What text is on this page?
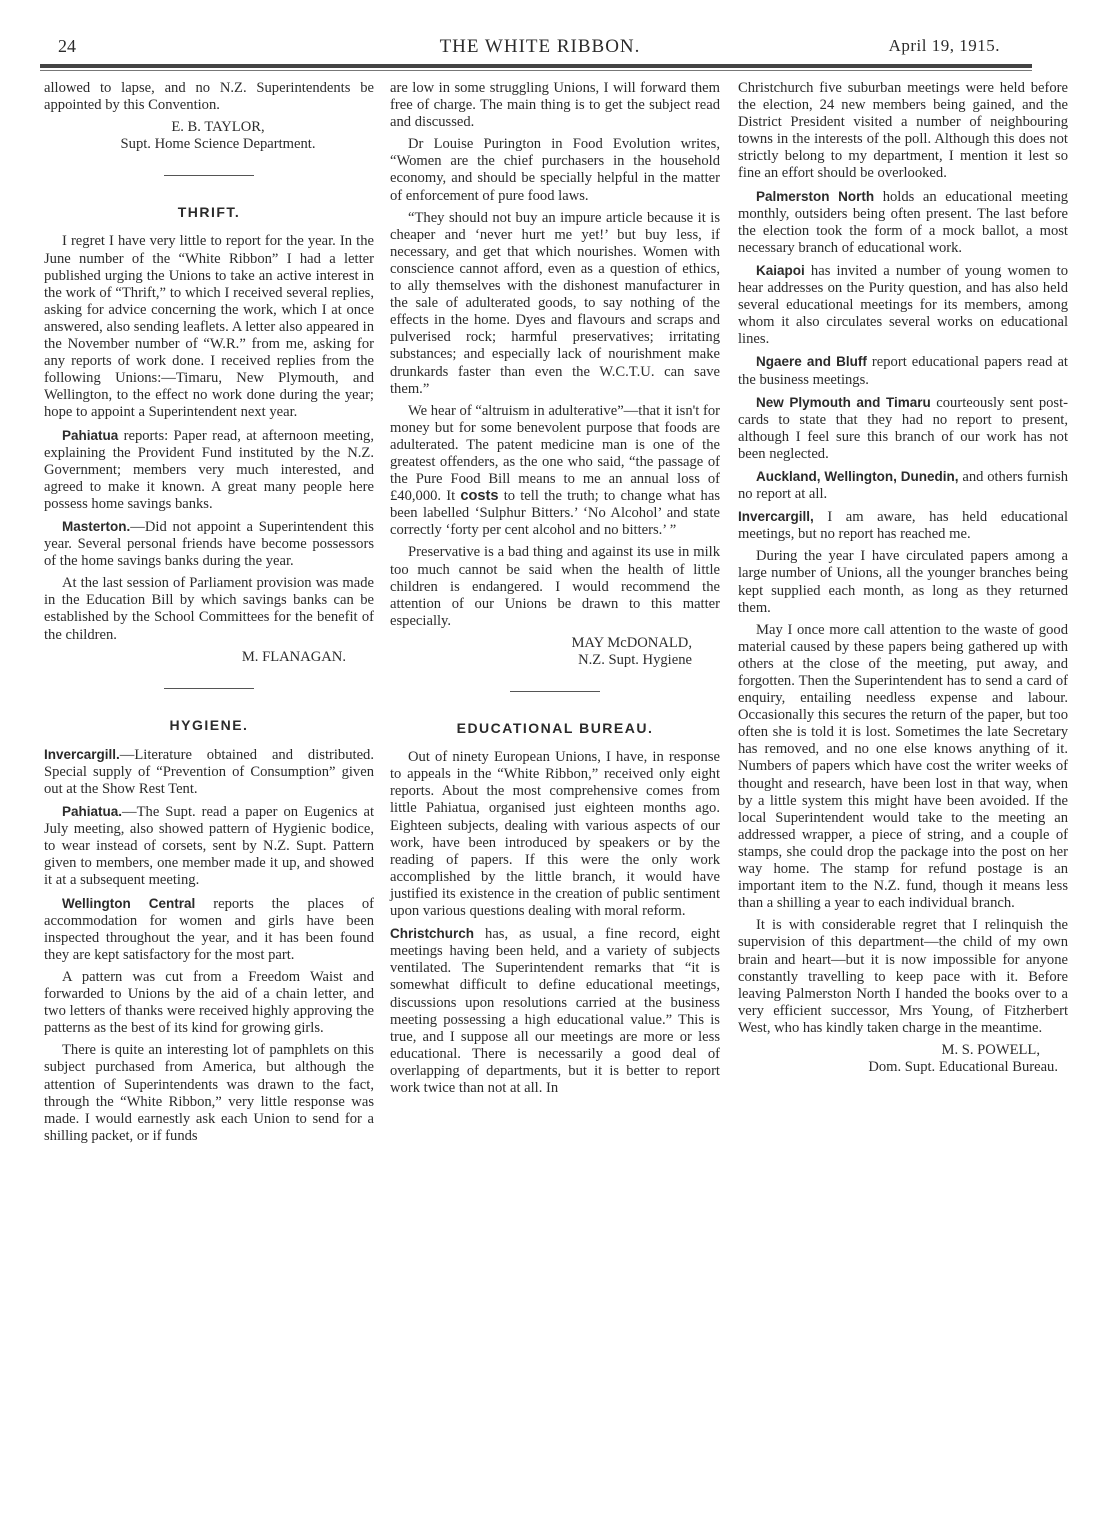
24	THE WHITE RIBBON.	April 19, 1915.

allowed to lapse, and no N.Z. Superintendents be appointed by this Convention.

E. B. TAYLOR,

Supt. Home Science Department.

THRIFT.

I regret I have very little to report for the year. In the June number of the “White Ribbon” I had a letter published urging the Unions to take an active interest in the work of “Thrift,” to which I received several replies, asking for advice concerning the work, which I at once answered, also sending leaflets. A letter also appeared in the November number of “W.R.” from me, asking for any reports of work done. I received replies from the following Unions:—Timaru, New Plymouth, and Wellington, to the effect no work done during the year; hope to appoint a Superintendent next year.

Pahiatua reports: Paper read, at afternoon meeting, explaining the Provident Fund instituted by the N.Z. Government; members very much interested, and agreed to make it known. A great many people here possess home savings banks.

Masterton.—Did not appoint a Superintendent this year. Several personal friends have become possessors of the home savings banks during the year.

At the last session of Parliament provision was made in the Education Bill by which savings banks can be established by the School Committees for the benefit of the children.

M. FLANAGAN.

HYGIENE.

Invercargill.—Literature obtained and distributed. Special supply of “Prevention of Consumption” given out at the Show Rest Tent.

Pahiatua.—The Supt. read a paper on Eugenics at July meeting, also showed pattern of Hygienic bodice, to wear instead of corsets, sent by N.Z. Supt. Pattern given to members, one member made it up, and showed it at a subsequent meeting.

Wellington Central reports the places of accommodation for women and girls have been inspected throughout the year, and it has been found they are kept satisfactory for the most part.

A pattern was cut from a Freedom Waist and forwarded to Unions by the aid of a chain letter, and two letters of thanks were received highly approving the patterns as the best of its kind for growing girls.

There is quite an interesting lot of pamphlets on this subject purchased from America, but although the attention of Superintendents was drawn to the fact, through the “White Ribbon,” very little response was made. I would earnestly ask each Union to send for a shilling packet, or if funds

are low in some struggling Unions, I will forward them free of charge. The main thing is to get the subject read and discussed.

Dr Louise Purington in Food Evolution writes, “Women are the chief purchasers in the household economy, and should be specially helpful in the matter of enforcement of pure food laws.

“They should not buy an impure article because it is cheaper and ‘never hurt me yet!’ but buy less, if necessary, and get that which nourishes. Women with conscience cannot afford, even as a question of ethics, to ally themselves with the dishonest manufacturer in the sale of adulterated goods, to say nothing of the effects in the home. Dyes and flavours and scraps and pulverised rock; harmful preservatives; irritating substances; and especially lack of nourishment make drunkards faster than even the W.C.T.U. can save them.”

We hear of “altruism in adulterative”—that it isn't for money but for some benevolent purpose that foods are adulterated. The patent medicine man is one of the greatest offenders, as the one who said, “the passage of the Pure Food Bill means to me an annual loss of £40,000. It costs to tell the truth; to change what has been labelled ‘Sulphur Bitters.’ ‘No Alcohol’ and state correctly ‘forty per cent alcohol and no bitters.’ ”

Preservative is a bad thing and against its use in milk too much cannot be said when the health of little children is endangered. I would recommend the attention of our Unions be drawn to this matter especially.

MAY McDONALD,

N.Z. Supt. Hygiene

EDUCATIONAL BUREAU.

Out of ninety European Unions, I have, in response to appeals in the “White Ribbon,” received only eight reports. About the most comprehensive comes from little Pahiatua, organised just eighteen months ago. Eighteen subjects, dealing with various aspects of our work, have been introduced by speakers or by the reading of papers. If this were the only work accomplished by the little branch, it would have justified its existence in the creation of public sentiment upon various questions dealing with moral reform.

Christchurch has, as usual, a fine record, eight meetings having been held, and a variety of subjects ventilated. The Superintendent remarks that “it is somewhat difficult to define educational meetings, discussions upon resolutions carried at the business meeting possessing a high educational value.” This is true, and I suppose all our meetings are more or less educational. There is necessarily a good deal of overlapping of departments, but it is better to report work twice than not at all. In

Christchurch five suburban meetings were held before the election, 24 new members being gained, and the District President visited a number of neighbouring towns in the interests of the poll. Although this does not strictly belong to my department, I mention it lest so fine an effort should be overlooked.

Palmerston North holds an educational meeting monthly, outsiders being often present. The last before the election took the form of a mock ballot, a most necessary branch of educational work.

Kaiapoi has invited a number of young women to hear addresses on the Purity question, and has also held several educational meetings for its members, among whom it also circulates several works on educational lines.

Ngaere and Bluff report educational papers read at the business meetings.

New Plymouth and Timaru courteously sent post-cards to state that they had no report to present, although I feel sure this branch of our work has not been neglected.

Auckland, Wellington, Dunedin, and others furnish no report at all.

Invercargill, I am aware, has held educational meetings, but no report has reached me.

During the year I have circulated papers among a large number of Unions, all the younger branches being kept supplied each month, as long as they returned them.

May I once more call attention to the waste of good material caused by these papers being gathered up with others at the close of the meeting, put away, and forgotten. Then the Superintendent has to send a card of enquiry, entailing needless expense and labour. Occasionally this secures the return of the paper, but too often she is told it is lost. Sometimes the late Secretary has removed, and no one else knows anything of it. Numbers of papers which have cost the writer weeks of thought and research, have been lost in that way, when by a little system this might have been avoided. If the local Superintendent would take to the meeting an addressed wrapper, a piece of string, and a couple of stamps, she could drop the package into the post on her way home. The stamp for refund postage is an important item to the N.Z. fund, though it means less than a shilling a year to each individual branch.

It is with considerable regret that I relinquish the supervision of this department—the child of my own brain and heart—but it is now impossible for anyone constantly travelling to keep pace with it. Before leaving Palmerston North I handed the books over to a very efficient successor, Mrs Young, of Fitzherbert West, who has kindly taken charge in the meantime.

M. S. POWELL,

Dom. Supt. Educational Bureau.
